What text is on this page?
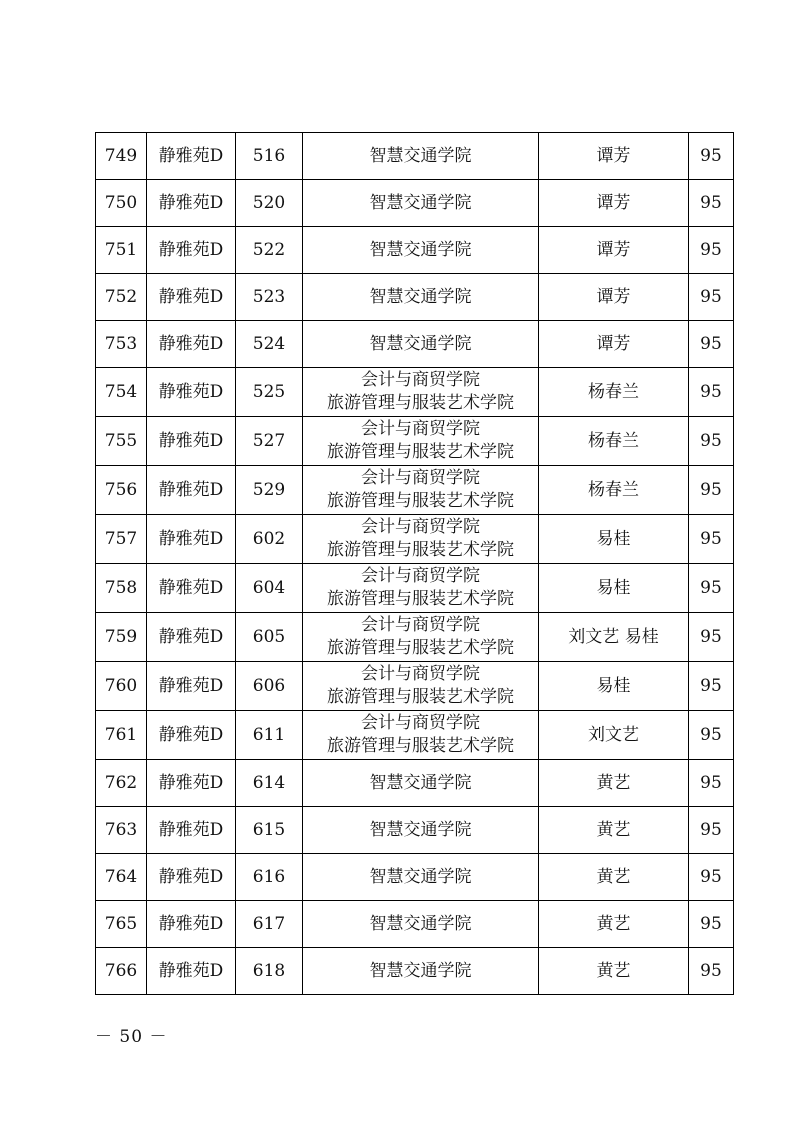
749	静雅苑D	516	智慧交通学院	谭芳	95
750	静雅苑D	520	智慧交通学院	谭芳	95
751	静雅苑D	522	智慧交通学院	谭芳	95
752	静雅苑D	523	智慧交通学院	谭芳	95
753	静雅苑D	524	智慧交通学院	谭芳	95
754	静雅苑D	525	会计与商贸学院
旅游管理与服装艺术学院	杨春兰	95
755	静雅苑D	527	会计与商贸学院
旅游管理与服装艺术学院	杨春兰	95
756	静雅苑D	529	会计与商贸学院
旅游管理与服装艺术学院	杨春兰	95
757	静雅苑D	602	会计与商贸学院
旅游管理与服装艺术学院	易桂	95
758	静雅苑D	604	会计与商贸学院
旅游管理与服装艺术学院	易桂	95
759	静雅苑D	605	会计与商贸学院
旅游管理与服装艺术学院	刘文艺 易桂	95
760	静雅苑D	606	会计与商贸学院
旅游管理与服装艺术学院	易桂	95
761	静雅苑D	611	会计与商贸学院
旅游管理与服装艺术学院	刘文艺	95
762	静雅苑D	614	智慧交通学院	黄艺	95
763	静雅苑D	615	智慧交通学院	黄艺	95
764	静雅苑D	616	智慧交通学院	黄艺	95
765	静雅苑D	617	智慧交通学院	黄艺	95
766	静雅苑D	618	智慧交通学院	黄艺	95
－ 50 －
